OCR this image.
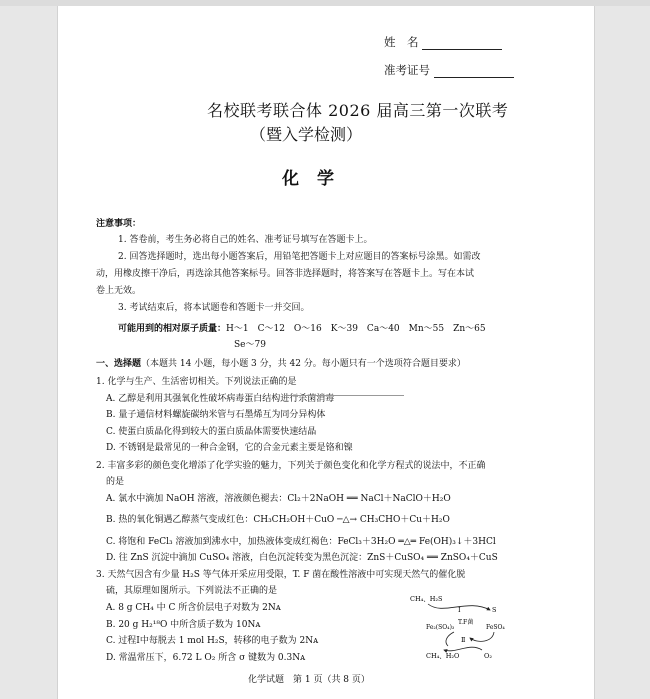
姓　名
准考证号
名校联考联合体 2026 届高三第一次联考
（暨入学检测）
化学
注意事项：
1. 答卷前，考生务必将自己的姓名、准考证号填写在答题卡上。
2. 回答选择题时，选出每小题答案后，用铅笔把答题卡上对应题目的答案标号涂黑。如需改
动，用橡皮擦干净后，再选涂其他答案标号。回答非选择题时，将答案写在答题卡上。写在本试
卷上无效。
3. 考试结束后，将本试题卷和答题卡一并交回。
可能用到的相对原子质量：H～1　C～12　O～16　K～39　Ca～40　Mn～55　Zn～65
Se～79
一、选择题（本题共 14 小题，每小题 3 分，共 42 分。每小题只有一个选项符合题目要求）
1. 化学与生产、生活密切相关。下列说法正确的是
A. 乙醇是利用其强氧化性破坏病毒蛋白结构进行杀菌消毒
B. 量子通信材料螺旋碳纳米管与石墨烯互为同分异构体
C. 使蛋白质晶化得到较大的蛋白质晶体需要快速结晶
D. 不锈钢是最常见的一种合金钢，它的合金元素主要是铬和镍
2. 丰富多彩的颜色变化增添了化学实验的魅力，下列关于颜色变化和化学方程式的说法中，不正确
的是
A. 氯水中滴加 NaOH 溶液，溶液颜色褪去：Cl₂＋2NaOH ══ NaCl＋NaClO＋H₂O
B. 热的氧化铜遇乙醇蒸气变成红色：CH₃CH₂OH＋CuO ─△→ CH₃CHO＋Cu＋H₂O
C. 将饱和 FeCl₃ 溶液加到沸水中，加热液体变成红褐色：FeCl₃＋3H₂O ═△═ Fe(OH)₃↓＋3HCl
D. 往 ZnS 沉淀中滴加 CuSO₄ 溶液，白色沉淀转变为黑色沉淀：ZnS＋CuSO₄ ══ ZnSO₄＋CuS
3. 天然气因含有少量 H₂S 等气体开采应用受限，T. F 菌在酸性溶液中可实现天然气的催化脱
硫，其原理如图所示。下列说法不正确的是
A. 8 g CH₄ 中 C 所含价层电子对数为 2Nᴀ
B. 20 g H₂¹⁸O 中所含质子数为 10Nᴀ
C. 过程Ⅰ中每脱去 1 mol H₂S，转移的电子数为 2Nᴀ
D. 常温常压下，6.72 L O₂ 所含 σ 键数为 0.3Nᴀ
CH₄、H₂S
S
Ⅰ
T.F菌
Fe₂(SO₄)₃	FeSO₄
Ⅱ
CH₄、H₂O	O₂
化学试题　第 1 页（共 8 页）
